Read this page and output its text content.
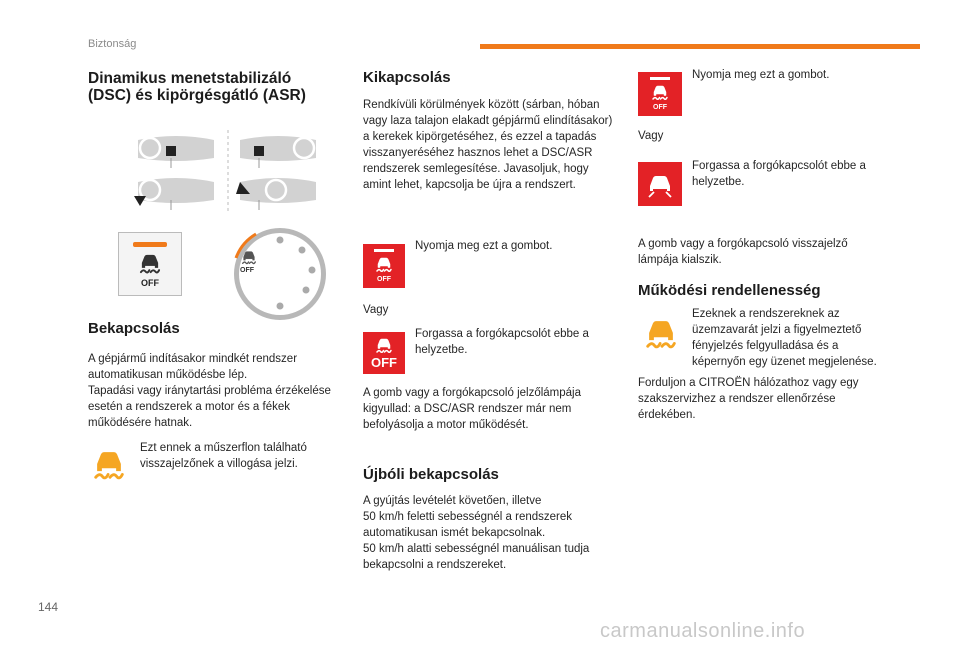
Biztonság
Dinamikus menetstabilizáló (DSC) és kipörgésgátló (ASR)
OFF
OFF
Bekapcsolás

A gépjármű indításakor mindkét rendszer automatikusan működésbe lép.
Tapadási vagy iránytartási probléma érzékelése esetén a rendszerek a motor és a fékek működésére hatnak.

Ezt ennek a műszerflon található visszajelzőnek a villogása jelzi.

Kikapcsolás

Rendkívüli körülmények között (sárban, hóban vagy laza talajon elakadt gépjármű elindításakor) a kerekek kipörgetéséhez, és ezzel a tapadás visszanyeréséhez hasznos lehet a DSC/ASR rendszerek semlegesítése. Javasoljuk, hogy amint lehet, kapcsolja be újra a rendszert.

OFF

Nyomja meg ezt a gombot.

Vagy

OFF

Forgassa a forgókapcsolót ebbe a helyzetbe.

A gomb vagy a forgókapcsoló jelzőlámpája kigyullad: a DSC/ASR rendszer már nem befolyásolja a motor működését.

Újbóli bekapcsolás

A gyújtás levételét követően, illetve
50 km/h feletti sebességnél a rendszerek automatikusan ismét bekapcsolnak.
50 km/h alatti sebességnél manuálisan tudja bekapcsolni a rendszereket.

OFF

Nyomja meg ezt a gombot.

Vagy

Forgassa a forgókapcsolót ebbe a helyzetbe.

A gomb vagy a forgókapcsoló visszajelző lámpája kialszik.

Működési rendellenesség

Ezeknek a rendszereknek az üzemzavarát jelzi a figyelmeztető fényjelzés felgyulladása és a képernyőn egy üzenet megjelenése.

Forduljon a CITROËN hálózathoz vagy egy szakszervizhez a rendszer ellenőrzése érdekében.

144
carmanualsonline.info
